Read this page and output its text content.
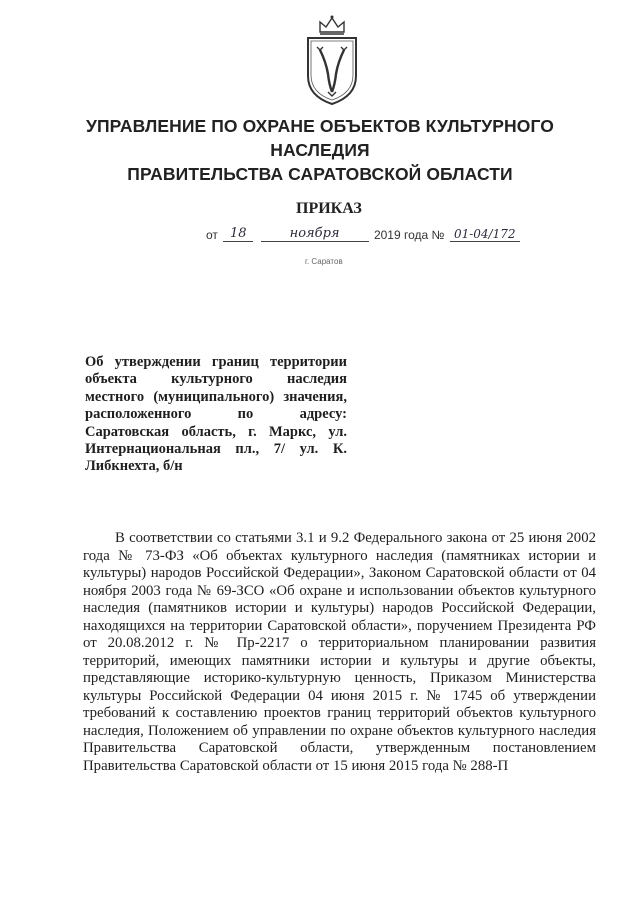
УПРАВЛЕНИЕ ПО ОХРАНЕ ОБЪЕКТОВ КУЛЬТУРНОГО НАСЛЕДИЯ
ПРАВИТЕЛЬСТВА САРАТОВСКОЙ ОБЛАСТИ
ПРИКАЗ
от 18	ноября	2019 года № 01-04/172
г. Саратов
Об утверждении границ территории объекта культурного наследия местного (муниципального) значения, расположенного по адресу: Саратовская область, г. Маркс, ул. Интернациональная пл., 7/ ул. К. Либкнехта, б/н
В соответствии со статьями 3.1 и 9.2 Федерального закона от 25 июня 2002 года № 73-ФЗ «Об объектах культурного наследия (памятниках истории и культуры) народов Российской Федерации», Законом Саратовской области от 04 ноября 2003 года № 69-ЗСО «Об охране и использовании объектов культурного наследия (памятников истории и культуры) народов Российской Федерации, находящихся на территории Саратовской области», поручением Президента РФ от 20.08.2012 г. № Пр-2217 о территориальном планировании развития территорий, имеющих памятники истории и культуры и другие объекты, представляющие историко-культурную ценность, Приказом Министерства культуры Российской Федерации 04 июня 2015 г. № 1745 об утверждении требований к составлению проектов границ территорий объектов культурного наследия, Положением об управлении по охране объектов культурного наследия Правительства Саратовской области, утвержденным постановлением Правительства Саратовской области от 15 июня 2015 года № 288-П
